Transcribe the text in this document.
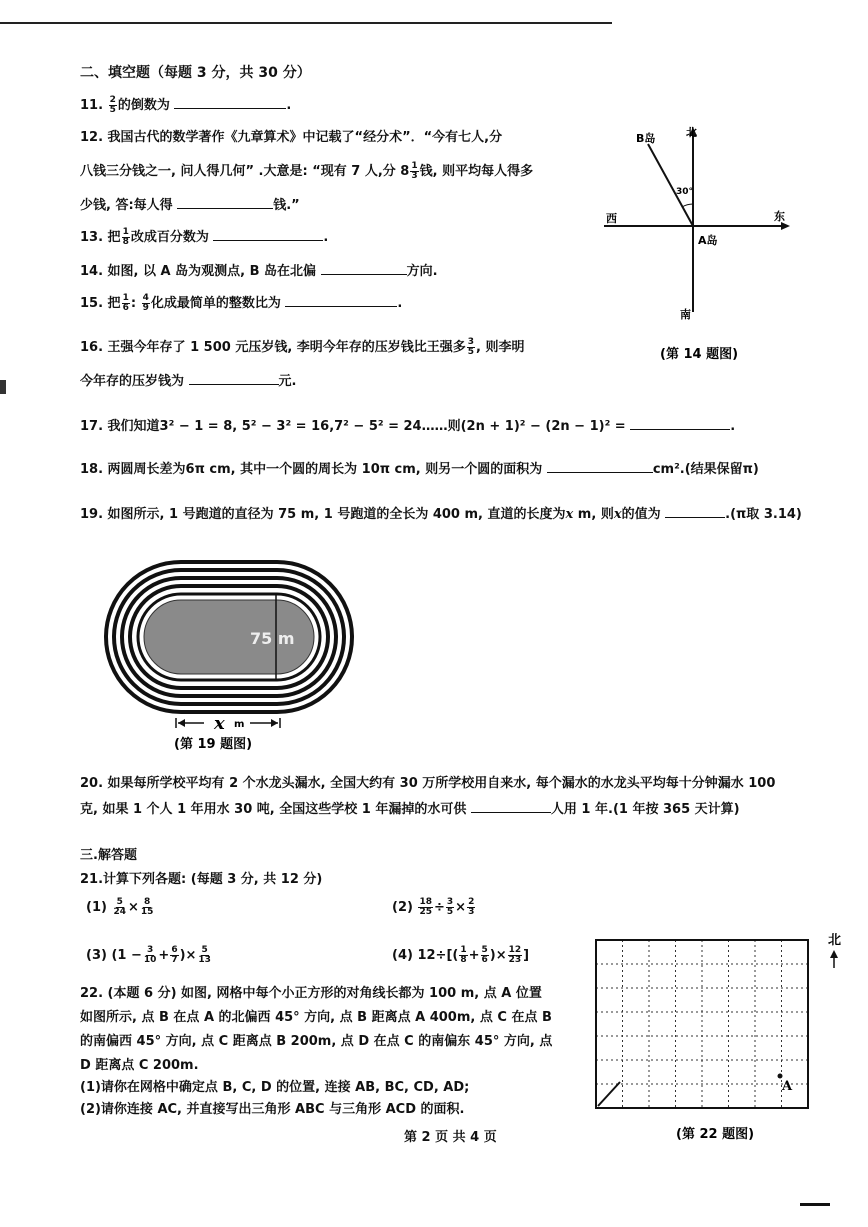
二、填空题（每题 3 分，共 30 分）
11. $\frac{2}{5}$ 的倒数为	.
12. 我国古代的数学著作《九章算术》中记载了“经分术”．“今有七人,分
八钱三分钱之一, 问人得几何” .大意是: “现有 7 人,分 $8 \frac{1}{3}$ 钱, 则平均每人得多
少钱, 答:每人得	钱.”
13. 把 $\frac{1}{8}$ 改成百分数为	.
14. 如图, 以 A 岛为观测点, B 岛在北偏	方向.
15. 把 $\frac{1}{6}$ : $\frac{4}{9}$ 化成最简单的整数比为	.
B岛	北
30°
西	东
A岛
南
(第 14 题图)
16. 王强今年存了 1 500 元压岁钱, 李明今年存的压岁钱比王强多 $\frac{3}{5}$ , 则李明
今年存的压岁钱为	元.
17. 我们知道3² − 1 = 8, 5² − 3² = 16,7² − 5² = 24……则(2n + 1)² − (2n − 1)² =	.
18. 两圆周长差为6π cm, 其中一个圆的周长为 10π cm, 则另一个圆的面积为	cm².(结果保留π)
19. 如图所示, 1 号跑道的直径为 75 m, 1 号跑道的全长为 400 m, 直道的长度为x m, 则x的值为	.(π取 3.14)
75 m
x m
(第 19 题图)
20. 如果每所学校平均有 2 个水龙头漏水, 全国大约有 30 万所学校用自来水, 每个漏水的水龙头平均每十分钟漏水 100
克, 如果 1 个人 1 年用水 30 吨, 全国这些学校 1 年漏掉的水可供	人用 1 年.(1 年按 365 天计算)
三.解答题
21.计算下列各题: (每题 3 分, 共 12 分)
$(1) \frac{5}{24} \times \frac{8}{15}$	$(2) \frac{18}{25} \div \frac{3}{5} \times \frac{2}{3}$
(3) ($1 - \frac{3}{10} + \frac{6}{7}$ )× $\frac{5}{13}$	(4) $12\div[( \frac{1}{8} + \frac{5}{6}$ )× $\frac{12}{23}$ ]
22. (本题 6 分) 如图, 网格中每个小正方形的对角线长都为 100 m, 点 A 位置
如图所示, 点 B 在点 A 的北偏西 45° 方向, 点 B 距离点 A 400m, 点 C 在点 B
的南偏西 45° 方向, 点 C 距离点 B 200m, 点 D 在点 C 的南偏东 45° 方向, 点
D 距离点 C 200m.
(1)请你在网格中确定点 B, C, D 的位置, 连接 AB, BC, CD, AD;
(2)请你连接 AC, 并直接写出三角形 ABC 与三角形 ACD 的面积.
A
北
(第 22 题图)
第 2 页 共 4 页
